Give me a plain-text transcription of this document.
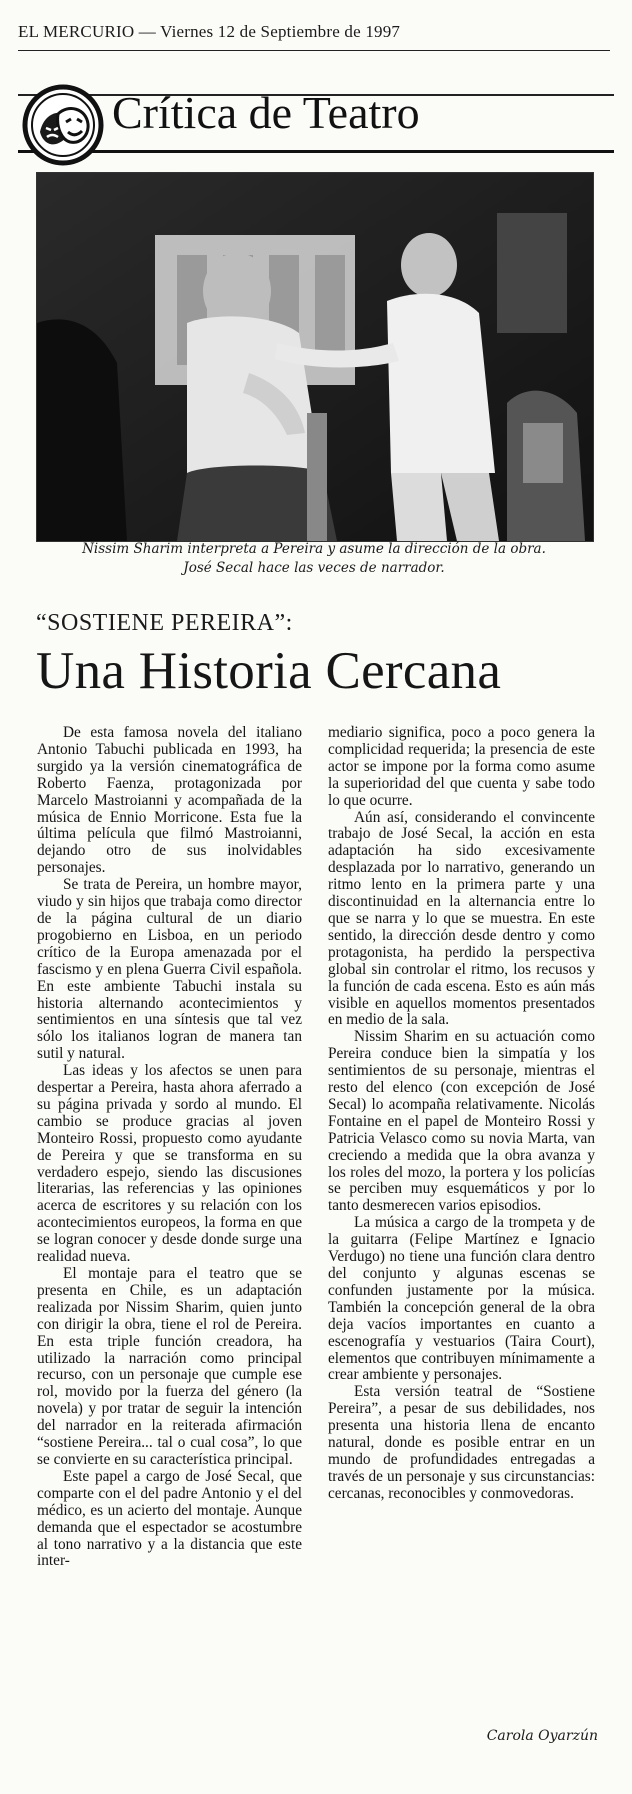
EL MERCURIO — Viernes 12 de Septiembre de 1997
Crítica de Teatro
Nissim Sharim interpreta a Pereira y asume la dirección de la obra.
José Secal hace las veces de narrador.
“SOSTIENE PEREIRA”:
Una Historia Cercana

De esta famosa novela del italiano Antonio Tabuchi publicada en 1993, ha surgido ya la versión cinematográfica de Roberto Faenza, protagonizada por Marcelo Mastroianni y acompañada de la música de Ennio Morricone. Esta fue la última película que filmó Mastroianni, dejando otro de sus inolvidables personajes.

Se trata de Pereira, un hombre mayor, viudo y sin hijos que trabaja como director de la página cultural de un diario progobierno en Lisboa, en un periodo crítico de la Europa amenazada por el fascismo y en plena Guerra Civil española. En este ambiente Tabuchi instala su historia alternando acontecimientos y sentimientos en una síntesis que tal vez sólo los italianos logran de manera tan sutil y natural.

Las ideas y los afectos se unen para despertar a Pereira, hasta ahora aferrado a su página privada y sordo al mundo. El cambio se produce gracias al joven Monteiro Rossi, propuesto como ayudante de Pereira y que se transforma en su verdadero espejo, siendo las discusiones literarias, las referencias y las opiniones acerca de escritores y su relación con los acontecimientos europeos, la forma en que se logran conocer y desde donde surge una realidad nueva.

El montaje para el teatro que se presenta en Chile, es un adaptación realizada por Nissim Sharim, quien junto con dirigir la obra, tiene el rol de Pereira. En esta triple función creadora, ha utilizado la narración como principal recurso, con un personaje que cumple ese rol, movido por la fuerza del género (la novela) y por tratar de seguir la intención del narrador en la reiterada afirmación “sostiene Pereira... tal o cual cosa”, lo que se convierte en su característica principal.

Este papel a cargo de José Secal, que comparte con el del padre Antonio y el del médico, es un acierto del montaje. Aunque demanda que el espectador se acostumbre al tono narrativo y a la distancia que este inter-

mediario significa, poco a poco genera la complicidad requerida; la presencia de este actor se impone por la forma como asume la superioridad del que cuenta y sabe todo lo que ocurre.

Aún así, considerando el convincente trabajo de José Secal, la acción en esta adaptación ha sido excesivamente desplazada por lo narrativo, generando un ritmo lento en la primera parte y una discontinuidad en la alternancia entre lo que se narra y lo que se muestra. En este sentido, la dirección desde dentro y como protagonista, ha perdido la perspectiva global sin controlar el ritmo, los recusos y la función de cada escena. Esto es aún más visible en aquellos momentos presentados en medio de la sala.

Nissim Sharim en su actuación como Pereira conduce bien la simpatía y los sentimientos de su personaje, mientras el resto del elenco (con excepción de José Secal) lo acompaña relativamente. Nicolás Fontaine en el papel de Monteiro Rossi y Patricia Velasco como su novia Marta, van creciendo a medida que la obra avanza y los roles del mozo, la portera y los policías se perciben muy esquemáticos y por lo tanto desmerecen varios episodios.

La música a cargo de la trompeta y de la guitarra (Felipe Martínez e Ignacio Verdugo) no tiene una función clara dentro del conjunto y algunas escenas se confunden justamente por la música. También la concepción general de la obra deja vacíos importantes en cuanto a escenografía y vestuarios (Taira Court), elementos que contribuyen mínimamente a crear ambiente y personajes.

Esta versión teatral de “Sostiene Pereira”, a pesar de sus debilidades, nos presenta una historia llena de encanto natural, donde es posible entrar en un mundo de profundidades entregadas a través de un personaje y sus circunstancias: cercanas, reconocibles y conmovedoras.

Carola Oyarzún
